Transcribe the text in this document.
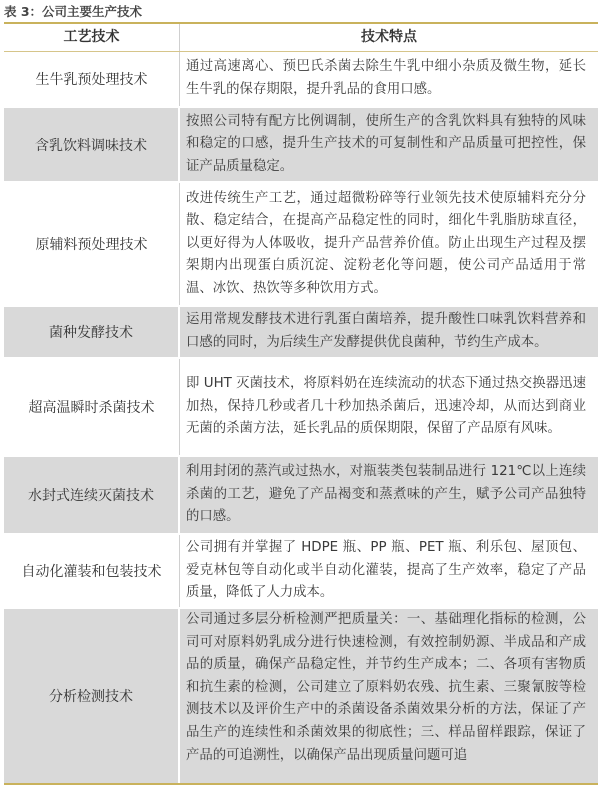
表 3：公司主要生产技术
工艺技术	技术特点
生牛乳预处理技术
通过高速离心、预巴氏杀菌去除生牛乳中细小杂质及微生物，延长生牛乳的保存期限，提升乳品的食用口感。
含乳饮料调味技术
按照公司特有配方比例调制，使所生产的含乳饮料具有独特的风味和稳定的口感，提升生产技术的可复制性和产品质量可把控性，保证产品质量稳定。
原辅料预处理技术
改进传统生产工艺，通过超微粉碎等行业领先技术使原辅料充分分散、稳定结合，在提高产品稳定性的同时，细化牛乳脂肪球直径，以更好得为人体吸收，提升产品营养价值。防止出现生产过程及摆架期内出现蛋白质沉淀、淀粉老化等问题，使公司产品适用于常温、冰饮、热饮等多种饮用方式。
菌种发酵技术
运用常规发酵技术进行乳蛋白菌培养，提升酸性口味乳饮料营养和口感的同时，为后续生产发酵提供优良菌种，节约生产成本。
超高温瞬时杀菌技术
即 UHT 灭菌技术，将原料奶在连续流动的状态下通过热交换器迅速加热，保持几秒或者几十秒加热杀菌后，迅速冷却，从而达到商业无菌的杀菌方法，延长乳品的质保期限，保留了产品原有风味。
水封式连续灭菌技术
利用封闭的蒸汽或过热水，对瓶装类包装制品进行 121℃以上连续杀菌的工艺，避免了产品褐变和蒸煮味的产生，赋予公司产品独特的口感。
自动化灌装和包装技术
公司拥有并掌握了 HDPE 瓶、PP 瓶、PET 瓶、利乐包、屋顶包、爱克林包等自动化或半自动化灌装，提高了生产效率，稳定了产品质量，降低了人力成本。
分析检测技术
公司通过多层分析检测严把质量关：一、基础理化指标的检测，公司可对原料奶乳成分进行快速检测，有效控制奶源、半成品和产成品的质量，确保产品稳定性，并节约生产成本；二、各项有害物质和抗生素的检测，公司建立了原料奶农残、抗生素、三聚氰胺等检测技术以及评价生产中的杀菌设备杀菌效果分析的方法，保证了产品生产的连续性和杀菌效果的彻底性；三、样品留样跟踪，保证了产品的可追溯性，以确保产品出现质量问题可追
